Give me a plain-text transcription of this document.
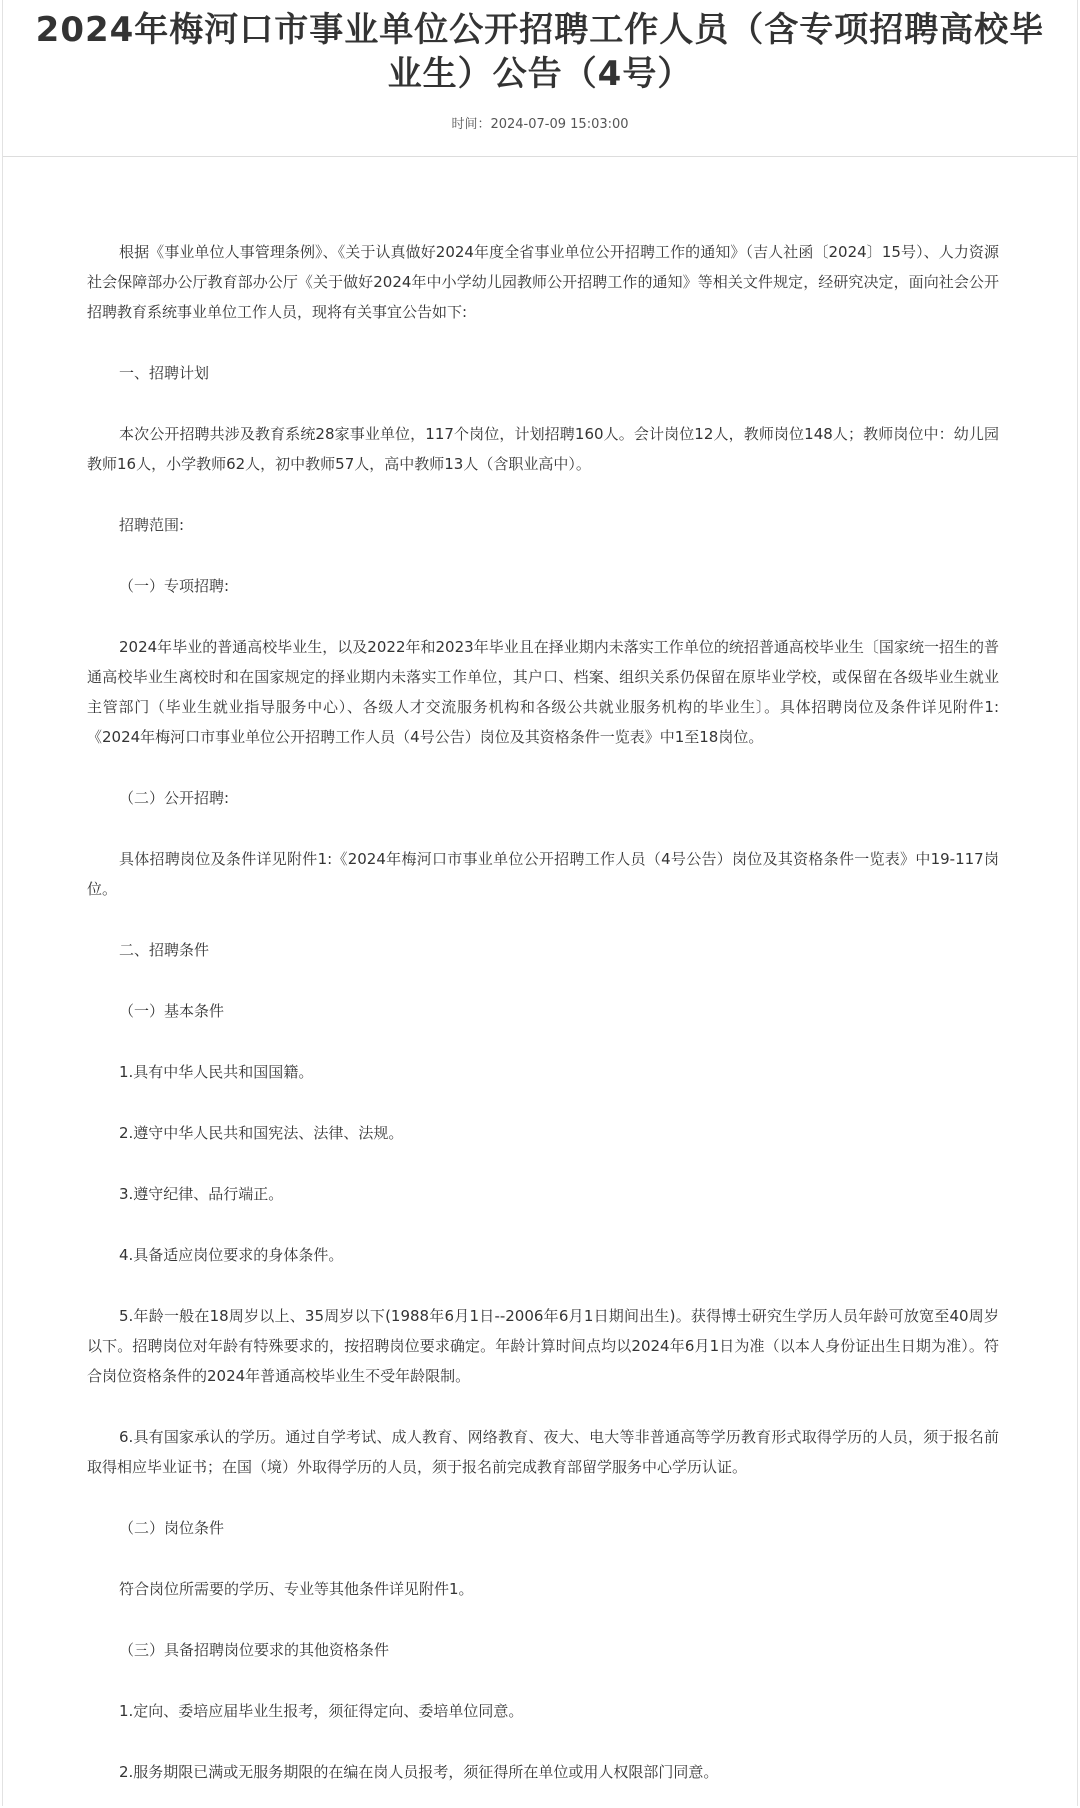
2024年梅河口市事业单位公开招聘工作人员（含专项招聘高校毕业生）公告（4号）
时间：2024-07-09 15:03:00

根据《事业单位人事管理条例》、《关于认真做好2024年度全省事业单位公开招聘工作的通知》（吉人社函〔2024〕15号）、人力资源社会保障部办公厅教育部办公厅《关于做好2024年中小学幼儿园教师公开招聘工作的通知》等相关文件规定，经研究决定，面向社会公开招聘教育系统事业单位工作人员，现将有关事宜公告如下:

一、招聘计划

本次公开招聘共涉及教育系统28家事业单位，117个岗位，计划招聘160人。会计岗位12人，教师岗位148人；教师岗位中：幼儿园教师16人，小学教师62人，初中教师57人，高中教师13人（含职业高中）。

招聘范围:

（一）专项招聘:

2024年毕业的普通高校毕业生，以及2022年和2023年毕业且在择业期内未落实工作单位的统招普通高校毕业生〔国家统一招生的普通高校毕业生离校时和在国家规定的择业期内未落实工作单位，其户口、档案、组织关系仍保留在原毕业学校，或保留在各级毕业生就业主管部门（毕业生就业指导服务中心）、各级人才交流服务机构和各级公共就业服务机构的毕业生〕。具体招聘岗位及条件详见附件1:《2024年梅河口市事业单位公开招聘工作人员（4号公告）岗位及其资格条件一览表》中1至18岗位。

（二）公开招聘:

具体招聘岗位及条件详见附件1:《2024年梅河口市事业单位公开招聘工作人员（4号公告）岗位及其资格条件一览表》中19-117岗位。

二、招聘条件

（一）基本条件

1.具有中华人民共和国国籍。

2.遵守中华人民共和国宪法、法律、法规。

3.遵守纪律、品行端正。

4.具备适应岗位要求的身体条件。

5.年龄一般在18周岁以上、35周岁以下(1988年6月1日--2006年6月1日期间出生)。获得博士研究生学历人员年龄可放宽至40周岁以下。招聘岗位对年龄有特殊要求的，按招聘岗位要求确定。年龄计算时间点均以2024年6月1日为准（以本人身份证出生日期为准）。符合岗位资格条件的2024年普通高校毕业生不受年龄限制。

6.具有国家承认的学历。通过自学考试、成人教育、网络教育、夜大、电大等非普通高等学历教育形式取得学历的人员，须于报名前取得相应毕业证书；在国（境）外取得学历的人员，须于报名前完成教育部留学服务中心学历认证。

（二）岗位条件

符合岗位所需要的学历、专业等其他条件详见附件1。

（三）具备招聘岗位要求的其他资格条件

1.定向、委培应届毕业生报考，须征得定向、委培单位同意。

2.服务期限已满或无服务期限的在编在岗人员报考，须征得所在单位或用人权限部门同意。
